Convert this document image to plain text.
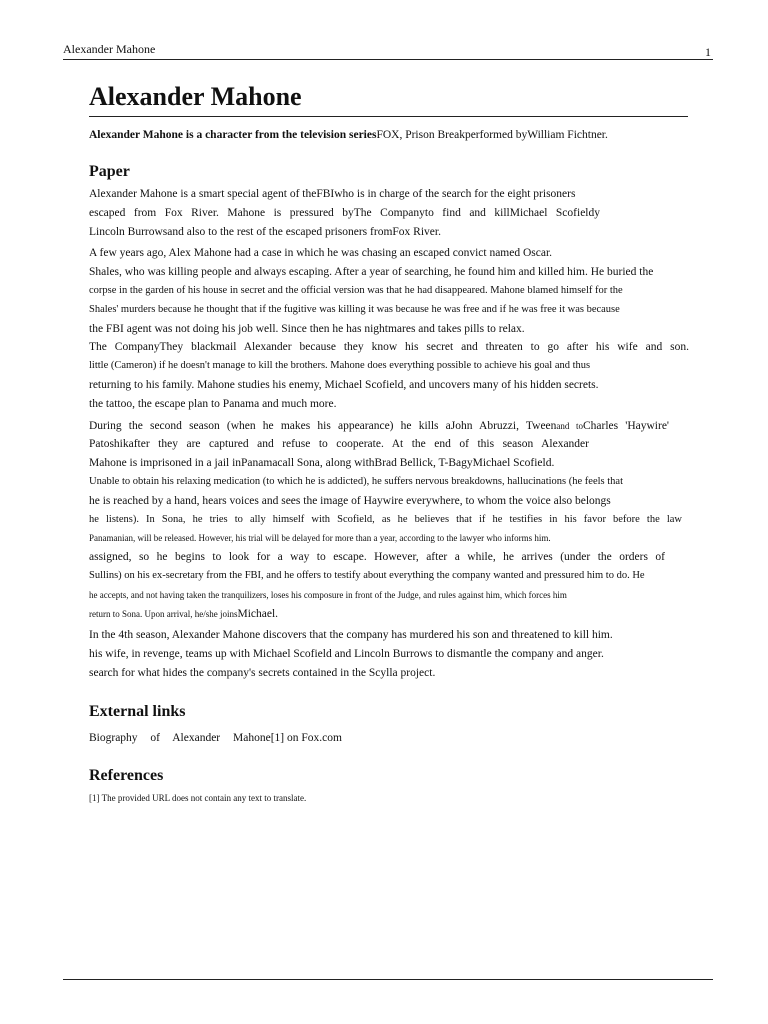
Alexander Mahone	1
Alexander Mahone

Alexander Mahone is a character from the television seriesFOX, Prison Breakperformed byWilliam Fichtner.

Paper
Alexander Mahone is a smart special agent of theFBIwho is in charge of the search for the eight prisoners
escaped from Fox River. Mahone is pressured byThe Companyto find and killMichael Scofieldy
Lincoln Burrowsand also to the rest of the escaped prisoners fromFox River.
A few years ago, Alex Mahone had a case in which he was chasing an escaped convict named Oscar.
Shales, who was killing people and always escaping. After a year of searching, he found him and killed him. He buried the
corpse in the garden of his house in secret and the official version was that he had disappeared. Mahone blamed himself for the
Shales' murders because he thought that if the fugitive was killing it was because he was free and if he was free it was because
the FBI agent was not doing his job well. Since then he has nightmares and takes pills to relax.
The CompanyThey blackmail Alexander because they know his secret and threaten to go after his wife and son.
little (Cameron) if he doesn't manage to kill the brothers. Mahone does everything possible to achieve his goal and thus
returning to his family. Mahone studies his enemy, Michael Scofield, and uncovers many of his hidden secrets.
the tattoo, the escape plan to Panama and much more.
During the second season (when he makes his appearance) he kills aJohn Abruzzi, Tweenand toCharles 'Haywire'
Patoshikafter they are captured and refuse to cooperate. At the end of this season Alexander
Mahone is imprisoned in a jail inPanamacall Sona, along withBrad Bellick, T-BagyMichael Scofield.
Unable to obtain his relaxing medication (to which he is addicted), he suffers nervous breakdowns, hallucinations (he feels that
he is reached by a hand, hears voices and sees the image of Haywire everywhere, to whom the voice also belongs
he listens). In Sona, he tries to ally himself with Scofield, as he believes that if he testifies in his favor before the law
Panamanian, will be released. However, his trial will be delayed for more than a year, according to the lawyer who informs him.
assigned, so he begins to look for a way to escape. However, after a while, he arrives (under the orders of
Sullins) on his ex-secretary from the FBI, and he offers to testify about everything the company wanted and pressured him to do. He
he accepts, and not having taken the tranquilizers, loses his composure in front of the Judge, and rules against him, which forces him
return to Sona. Upon arrival, he/she joinsMichael.
In the 4th season, Alexander Mahone discovers that the company has murdered his son and threatened to kill him.
his wife, in revenge, teams up with Michael Scofield and Lincoln Burrows to dismantle the company and anger.
search for what hides the company's secrets contained in the Scylla project.
External links
Biography of Alexander Mahone[1] on Fox.com
References
[1] The provided URL does not contain any text to translate.
